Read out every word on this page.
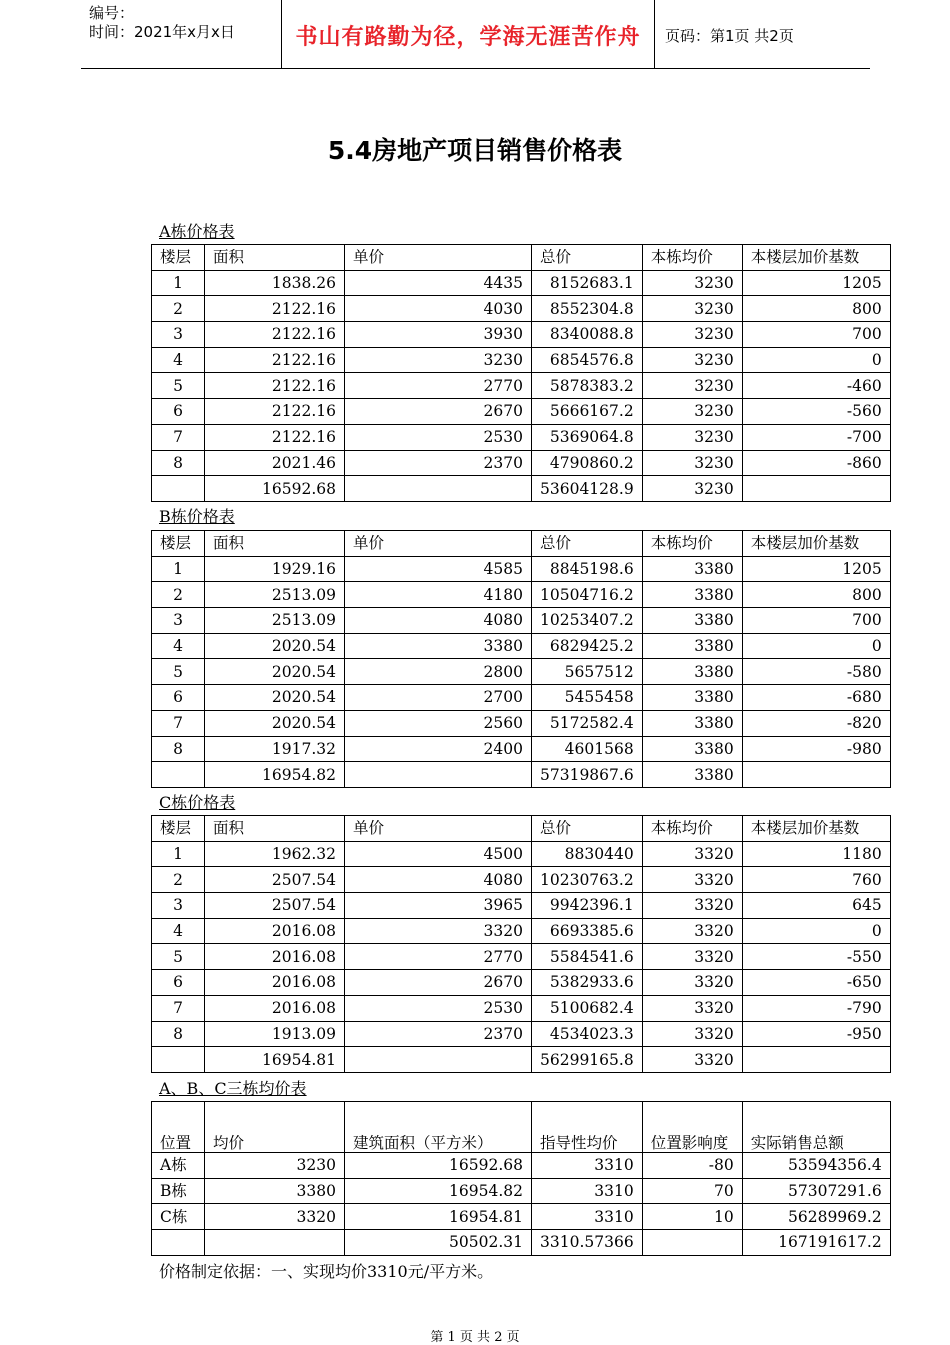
编号：
时间：2021年x月x日	书山有路勤为径，学海无涯苦作舟	页码：第1页 共2页
5.4房地产项目销售价格表
A栋价格表
楼层	面积	单价	总价	本栋均价	本楼层加价基数
1	1838.26	4435	8152683.1	3230	1205
2	2122.16	4030	8552304.8	3230	800
3	2122.16	3930	8340088.8	3230	700
4	2122.16	3230	6854576.8	3230	0
5	2122.16	2770	5878383.2	3230	-460
6	2122.16	2670	5666167.2	3230	-560
7	2122.16	2530	5369064.8	3230	-700
8	2021.46	2370	4790860.2	3230	-860
	16592.68		53604128.9	3230	
B栋价格表
楼层	面积	单价	总价	本栋均价	本楼层加价基数
1	1929.16	4585	8845198.6	3380	1205
2	2513.09	4180	10504716.2	3380	800
3	2513.09	4080	10253407.2	3380	700
4	2020.54	3380	6829425.2	3380	0
5	2020.54	2800	5657512	3380	-580
6	2020.54	2700	5455458	3380	-680
7	2020.54	2560	5172582.4	3380	-820
8	1917.32	2400	4601568	3380	-980
	16954.82		57319867.6	3380	
C栋价格表
楼层	面积	单价	总价	本栋均价	本楼层加价基数
1	1962.32	4500	8830440	3320	1180
2	2507.54	4080	10230763.2	3320	760
3	2507.54	3965	9942396.1	3320	645
4	2016.08	3320	6693385.6	3320	0
5	2016.08	2770	5584541.6	3320	-550
6	2016.08	2670	5382933.6	3320	-650
7	2016.08	2530	5100682.4	3320	-790
8	1913.09	2370	4534023.3	3320	-950
	16954.81		56299165.8	3320	
A、B、C三栋均价表
位置	均价	建筑面积（平方米）	指导性均价	位置影响度	实际销售总额
A栋	3230	16592.68	3310	-80	53594356.4
B栋	3380	16954.82	3310	70	57307291.6
C栋	3320	16954.81	3310	10	56289969.2
		50502.31	3310.57366		167191617.2
价格制定依据：一、实现均价3310元/平方米。
第 1 页 共 2 页
